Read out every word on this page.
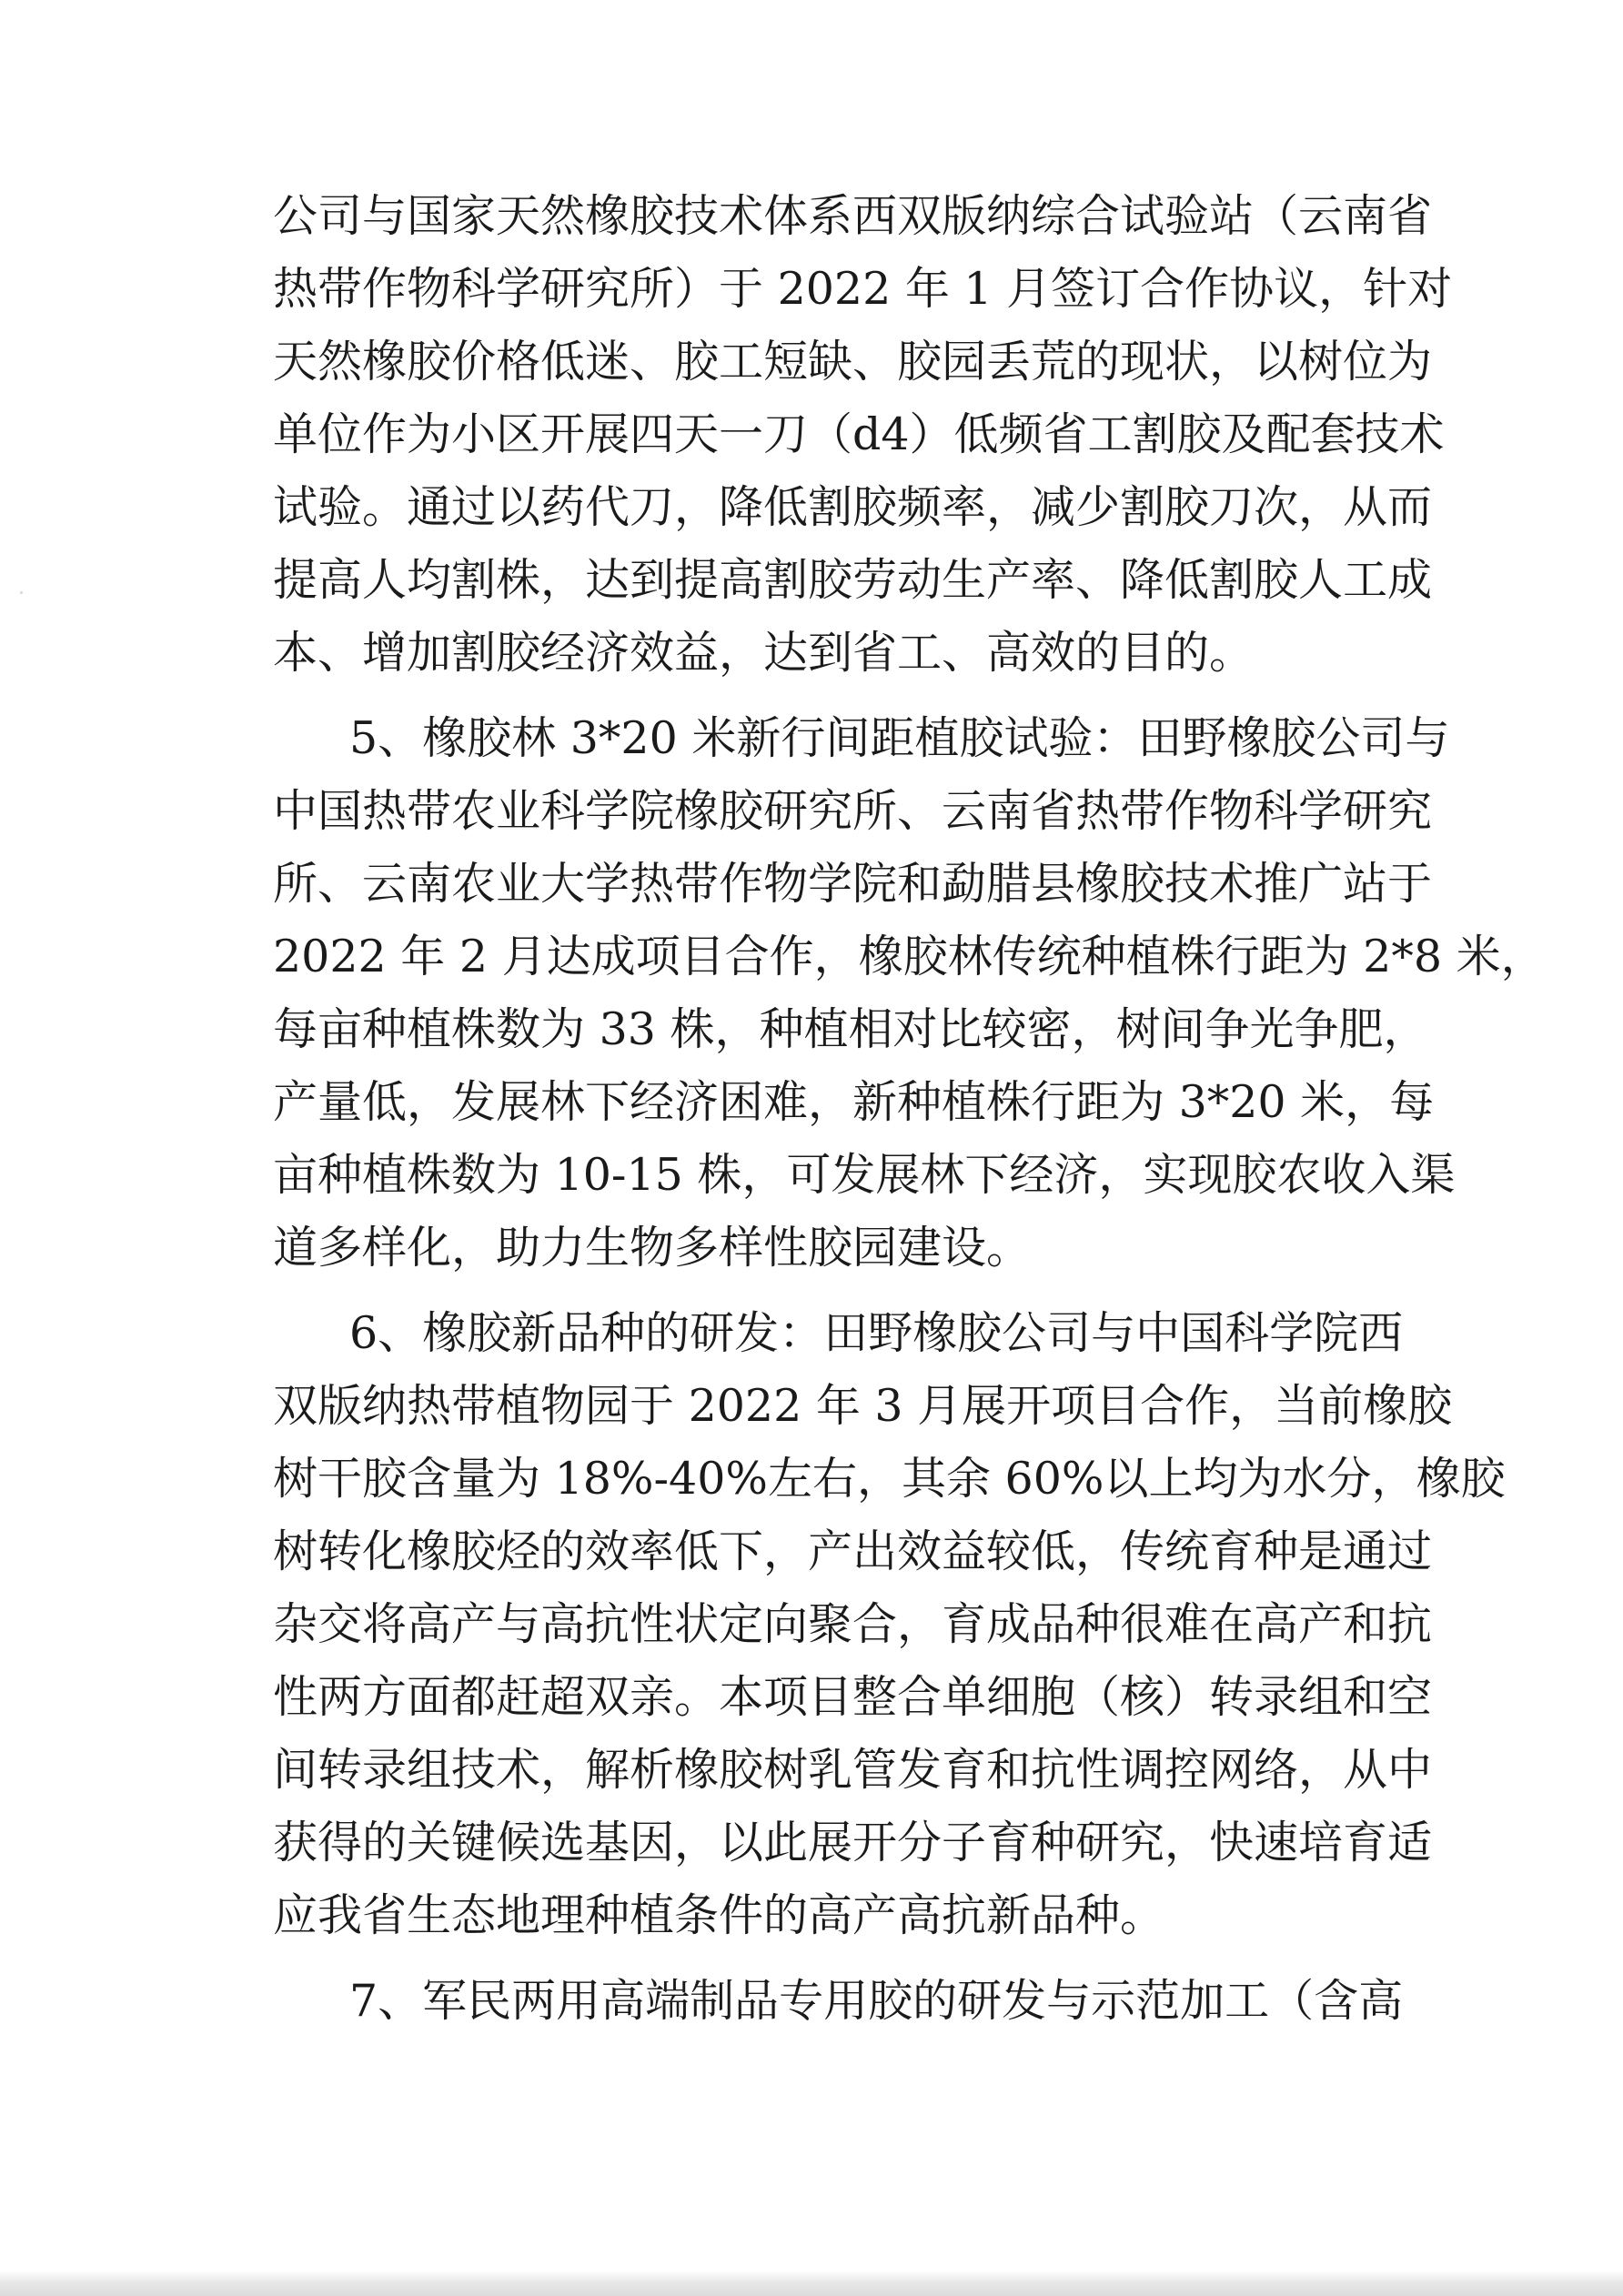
公司与国家天然橡胶技术体系西双版纳综合试验站（云南省
热带作物科学研究所）于 2022 年 1 月签订合作协议，针对
天然橡胶价格低迷、胶工短缺、胶园丢荒的现状，以树位为
单位作为小区开展四天一刀（d4）低频省工割胶及配套技术
试验。通过以药代刀，降低割胶频率，减少割胶刀次，从而
提高人均割株，达到提高割胶劳动生产率、降低割胶人工成
本、增加割胶经济效益，达到省工、高效的目的。
5、橡胶林 3*20 米新行间距植胶试验：田野橡胶公司与
中国热带农业科学院橡胶研究所、云南省热带作物科学研究
所、云南农业大学热带作物学院和勐腊县橡胶技术推广站于
2022 年 2 月达成项目合作，橡胶林传统种植株行距为 2*8 米，
每亩种植株数为 33 株，种植相对比较密，树间争光争肥，
产量低，发展林下经济困难，新种植株行距为 3*20 米，每
亩种植株数为 10-15 株，可发展林下经济，实现胶农收入渠
道多样化，助力生物多样性胶园建设。
6、橡胶新品种的研发：田野橡胶公司与中国科学院西
双版纳热带植物园于 2022 年 3 月展开项目合作，当前橡胶
树干胶含量为 18%-40%左右，其余 60%以上均为水分，橡胶
树转化橡胶烃的效率低下，产出效益较低，传统育种是通过
杂交将高产与高抗性状定向聚合，育成品种很难在高产和抗
性两方面都赶超双亲。本项目整合单细胞（核）转录组和空
间转录组技术，解析橡胶树乳管发育和抗性调控网络，从中
获得的关键候选基因，以此展开分子育种研究，快速培育适
应我省生态地理种植条件的高产高抗新品种。
7、军民两用高端制品专用胶的研发与示范加工（含高
